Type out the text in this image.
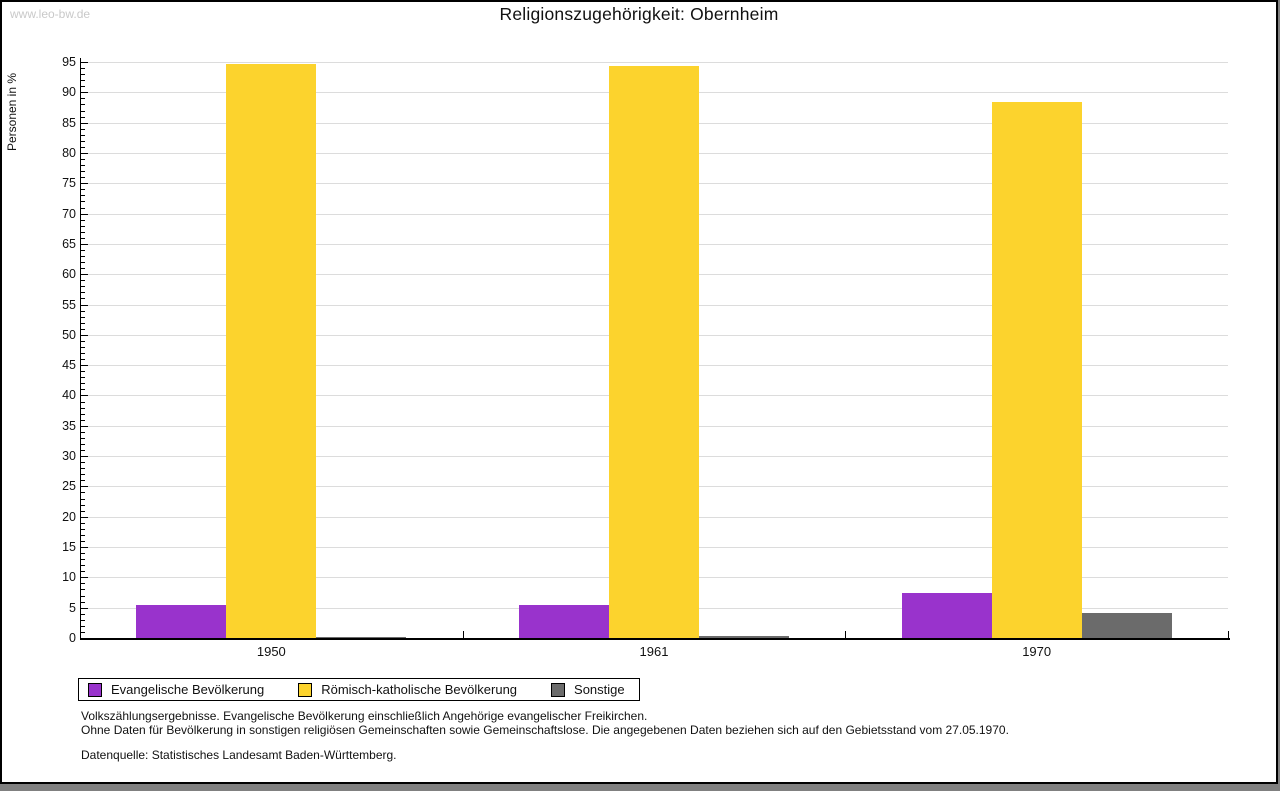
www.leo-bw.de	Religionszugehörigkeit: Obernheim
Personen in %
1950	1961	1970
Evangelische Bevölkerung	Römisch-katholische Bevölkerung	Sonstige
Volkszählungsergebnisse. Evangelische Bevölkerung einschließlich Angehörige evangelischer Freikirchen.
Ohne Daten für Bevölkerung in sonstigen religiösen Gemeinschaften sowie Gemeinschaftslose. Die angegebenen Daten beziehen sich auf den Gebietsstand vom 27.05.1970.
Datenquelle: Statistisches Landesamt Baden-Württemberg.
0
5
10
15
20
25
30
35
40
45
50
55
60
65
70
75
80
85
90
95
